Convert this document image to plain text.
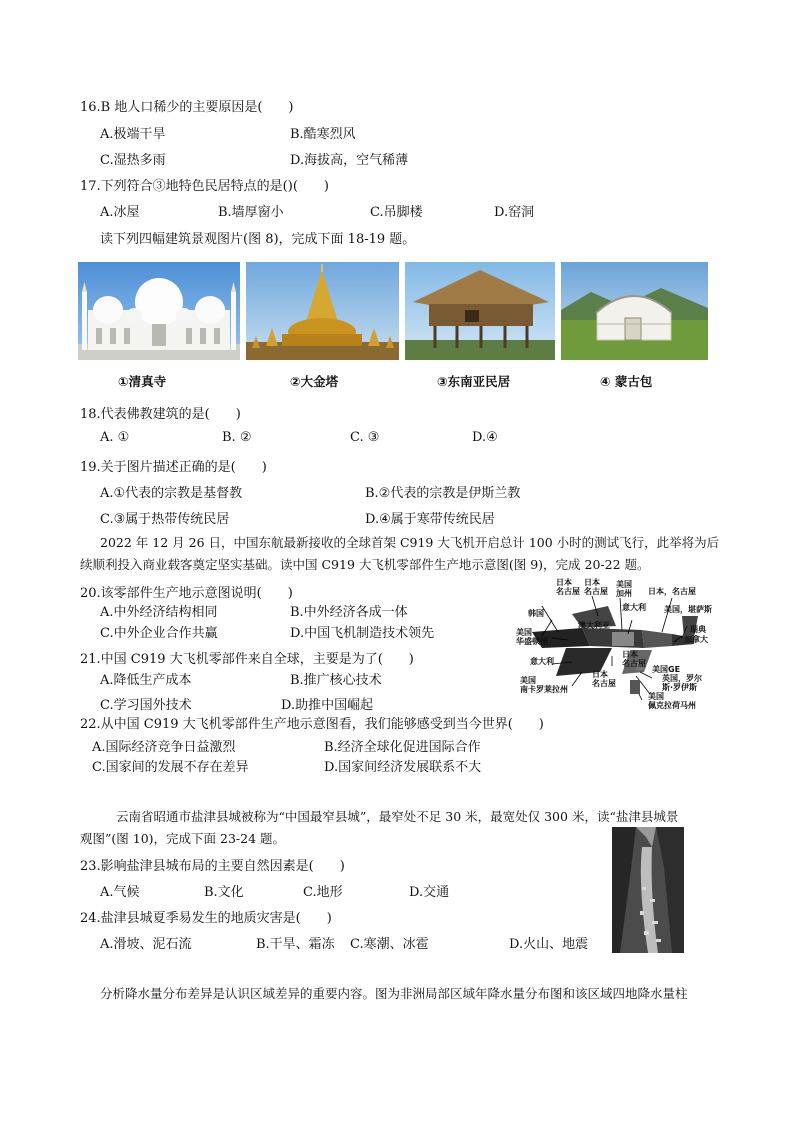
16.B 地人口稀少的主要原因是(　　)
A.极端干旱	B.酷寒烈风
C.湿热多雨	D.海拔高，空气稀薄
17.下列符合③地特色民居特点的是()(　　)
A.冰屋	B.墙厚窗小	C.吊脚楼	D.窑洞
读下列四幅建筑景观图片(图 8)，完成下面 18-19 题。
①清真寺	②大金塔	③东南亚民居	④ 蒙古包
18.代表佛教建筑的是(　　)
A. ①	B. ②	C. ③	D.④
19.关于图片描述正确的是(　　)
A.①代表的宗教是基督教	B.②代表的宗教是伊斯兰教
C.③属于热带传统民居	D.④属于寒带传统民居
2022 年 12 月 26 日，中国东航最新接收的全球首架 C919 大飞机开启总计 100 小时的测试飞行，此举将为后
续顺利投入商业载客奠定坚实基础。读中国 C919 大飞机零部件生产地示意图(图 9)，完成 20-22 题。
20.该零部件生产地示意图说明(　　)
A.中外经济结构相同	B.中外经济各成一体
C.中外企业合作共赢	D.中国飞机制造技术领先
21.中国 C919 大飞机零部件来自全球，主要是为了(　　)
A.降低生产成本	B.推广核心技术
C.学习国外技术	D.助推中国崛起
22.从中国 C919 大飞机零部件生产地示意图看，我们能够感受到当今世界(　　)
A.国际经济竞争日益激烈	B.经济全球化促进国际合作
C.国家间的发展不存在差异	D.国家间经济发展联系不大
日本
名古屋
日本
名古屋
美国
加州 日本，名古屋
韩国
意大利 美国，堪萨斯
澳大利亚
美国
华盛顿州
瑞典
加拿大
意大利
日本
名古屋
日本
名古屋
美国
南卡罗莱拉州
美国GE
英国，罗尔
斯·罗伊斯
美国
佩克拉荷马州
云南省昭通市盐津县城被称为“中国最窄县城”，最窄处不足 30 米，最宽处仅 300 米，读“盐津县城景
观图”(图 10)，完成下面 23-24 题。
23.影响盐津县城布局的主要自然因素是(　　)
A.气候	B.文化	C.地形	D.交通
24.盐津县城夏季易发生的地质灾害是(　　)
A.滑坡、泥石流	B.干旱、霜冻 C.寒潮、冰雹	D.火山、地震
分析降水量分布差异是认识区域差异的重要内容。图为非洲局部区域年降水量分布图和该区域四地降水量柱
